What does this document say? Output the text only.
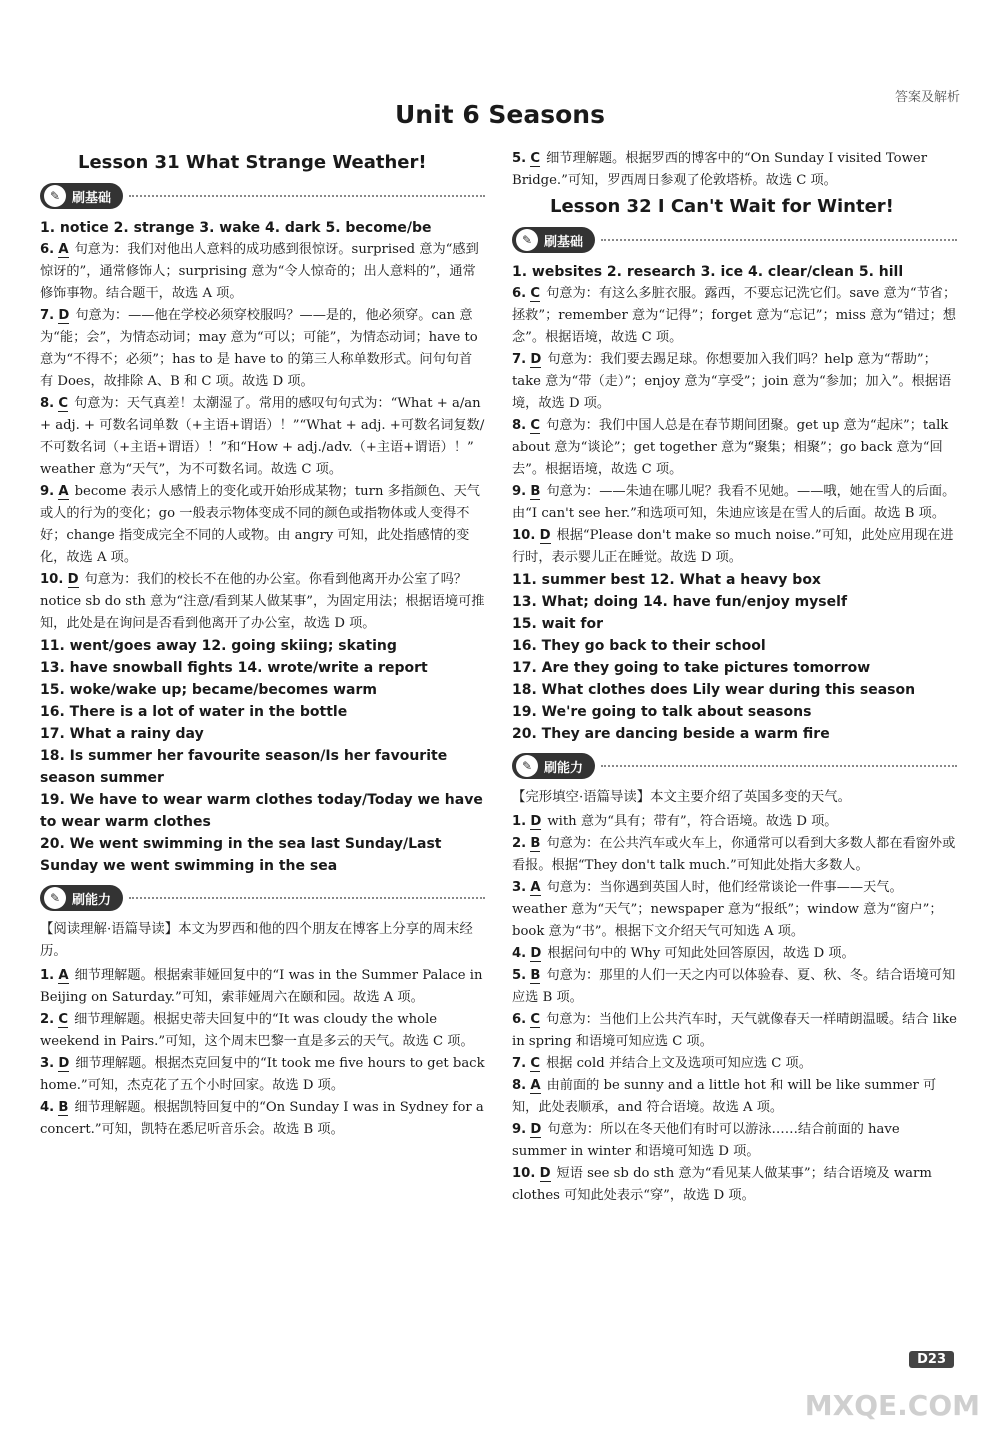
答案及解析
Unit 6 Seasons
Lesson 31 What Strange Weather!
✎ 刷基础
1. notice 2. strange 3. wake 4. dark 5. become/be
6. A 句意为：我们对他出人意料的成功感到很惊讶。surprised 意为“感到惊讶的”，通常修饰人；surprising 意为“令人惊奇的；出人意料的”，通常修饰事物。结合题干，故选 A 项。
7. D 句意为：——他在学校必须穿校服吗？——是的，他必须穿。can 意为“能；会”，为情态动词；may 意为“可以；可能”，为情态动词；have to 意为“不得不；必须”；has to 是 have to 的第三人称单数形式。问句句首有 Does，故排除 A、B 和 C 项。故选 D 项。
8. C 句意为：天气真差！太潮湿了。常用的感叹句句式为：“What + a/an + adj. + 可数名词单数（+主语+谓语）！”“What + adj. +可数名词复数/不可数名词（+主语+谓语）！”和“How + adj./adv.（+主语+谓语）！” weather 意为“天气”，为不可数名词。故选 C 项。
9. A become 表示人感情上的变化或开始形成某物；turn 多指颜色、天气或人的行为的变化；go 一般表示物体变成不同的颜色或指物体或人变得不好；change 指变成完全不同的人或物。由 angry 可知，此处指感情的变化，故选 A 项。
10. D 句意为：我们的校长不在他的办公室。你看到他离开办公室了吗？notice sb do sth 意为“注意/看到某人做某事”，为固定用法；根据语境可推知，此处是在询问是否看到他离开了办公室，故选 D 项。
11. went/goes away 12. going skiing; skating
13. have snowball fights 14. wrote/write a report
15. woke/wake up; became/becomes warm
16. There is a lot of water in the bottle
17. What a rainy day
18. Is summer her favourite season/Is her favourite season summer
19. We have to wear warm clothes today/Today we have to wear warm clothes
20. We went swimming in the sea last Sunday/Last Sunday we went swimming in the sea
✎ 刷能力
【阅读理解·语篇导读】本文为罗西和他的四个朋友在博客上分享的周末经历。
1. A 细节理解题。根据索菲娅回复中的“I was in the Summer Palace in Beijing on Saturday.”可知，索菲娅周六在颐和园。故选 A 项。
2. C 细节理解题。根据史蒂夫回复中的“It was cloudy the whole weekend in Pairs.”可知，这个周末巴黎一直是多云的天气。故选 C 项。
3. D 细节理解题。根据杰克回复中的“It took me five hours to get back home.”可知，杰克花了五个小时回家。故选 D 项。
4. B 细节理解题。根据凯特回复中的“On Sunday I was in Sydney for a concert.”可知，凯特在悉尼听音乐会。故选 B 项。
5. C 细节理解题。根据罗西的博客中的“On Sunday I visited Tower Bridge.”可知，罗西周日参观了伦敦塔桥。故选 C 项。
Lesson 32 I Can't Wait for Winter!
✎ 刷基础
1. websites 2. research 3. ice 4. clear/clean 5. hill
6. C 句意为：有这么多脏衣服。露西，不要忘记洗它们。save 意为“节省；拯救”；remember 意为“记得”；forget 意为“忘记”；miss 意为“错过；想念”。根据语境，故选 C 项。
7. D 句意为：我们要去踢足球。你想要加入我们吗？help 意为“帮助”；take 意为“带（走）”；enjoy 意为“享受”；join 意为“参加；加入”。根据语境，故选 D 项。
8. C 句意为：我们中国人总是在春节期间团聚。get up 意为“起床”；talk about 意为“谈论”；get together 意为“聚集；相聚”；go back 意为“回去”。根据语境，故选 C 项。
9. B 句意为：——朱迪在哪儿呢？我看不见她。——哦，她在雪人的后面。由“I can't see her.”和选项可知，朱迪应该是在雪人的后面。故选 B 项。
10. D 根据“Please don't make so much noise.”可知，此处应用现在进行时，表示婴儿正在睡觉。故选 D 项。
11. summer best 12. What a heavy box
13. What; doing 14. have fun/enjoy myself
15. wait for
16. They go back to their school
17. Are they going to take pictures tomorrow
18. What clothes does Lily wear during this season
19. We're going to talk about seasons
20. They are dancing beside a warm fire
✎ 刷能力
【完形填空·语篇导读】本文主要介绍了英国多变的天气。
1. D with 意为“具有；带有”，符合语境。故选 D 项。
2. B 句意为：在公共汽车或火车上，你通常可以看到大多数人都在看窗外或看报。根据“They don't talk much.”可知此处指大多数人。
3. A 句意为：当你遇到英国人时，他们经常谈论一件事——天气。weather 意为“天气”；newspaper 意为“报纸”；window 意为“窗户”；book 意为“书”。根据下文介绍天气可知选 A 项。
4. D 根据问句中的 Why 可知此处回答原因，故选 D 项。
5. B 句意为：那里的人们一天之内可以体验春、夏、秋、冬。结合语境可知应选 B 项。
6. C 句意为：当他们上公共汽车时，天气就像春天一样晴朗温暖。结合 like in spring 和语境可知应选 C 项。
7. C 根据 cold 并结合上文及选项可知应选 C 项。
8. A 由前面的 be sunny and a little hot 和 will be like summer 可知，此处表顺承，and 符合语境。故选 A 项。
9. D 句意为：所以在冬天他们有时可以游泳……结合前面的 have summer in winter 和语境可知选 D 项。
10. D 短语 see sb do sth 意为“看见某人做某事”；结合语境及 warm clothes 可知此处表示“穿”，故选 D 项。
D23
MXQE.COM
